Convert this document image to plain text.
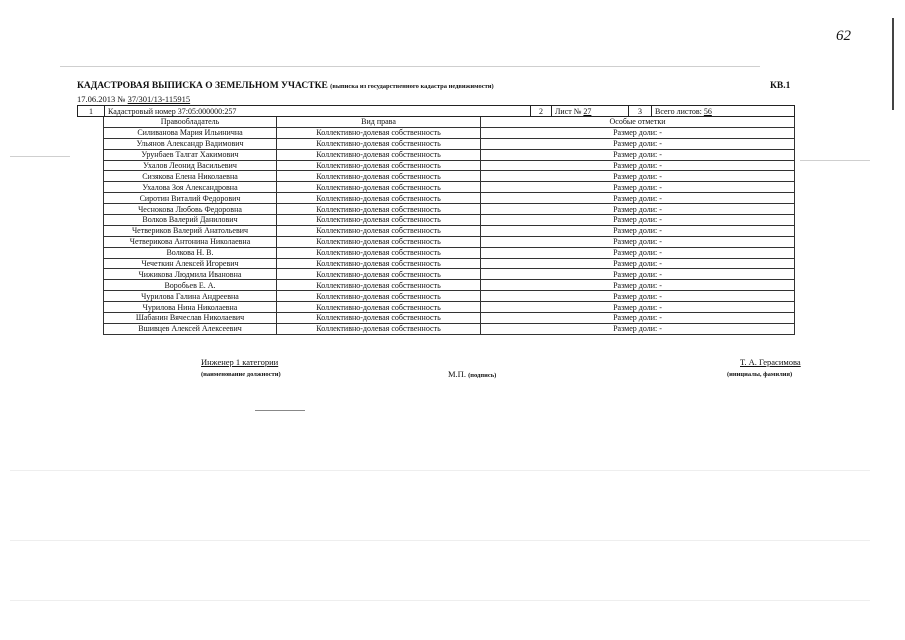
62
КАДАСТРОВАЯ ВЫПИСКА О ЗЕМЕЛЬНОМ УЧАСТКЕ (выписка из государственного кадастра недвижимости)	КВ.1
17.06.2013 № 37/301/13-115915
1	Кадастровый номер 37:05:000000:257	2	Лист № 27	3	Всего листов: 56
Правообладатель	Вид права	Особые отметки
Силиванова Мария Ильинична	Коллективно-долевая собственность	Размер доли: -
Ульянов Александр Вадимович	Коллективно-долевая собственность	Размер доли: -
Урунбаев Талгат Хакимович	Коллективно-долевая собственность	Размер доли: -
Ухалов Леонид Васильевич	Коллективно-долевая собственность	Размер доли: -
Сизякова Елена Николаевна	Коллективно-долевая собственность	Размер доли: -
Ухалова Зоя Александровна	Коллективно-долевая собственность	Размер доли: -
Сиротин Виталий Федорович	Коллективно-долевая собственность	Размер доли: -
Чеснокова Любовь Федоровна	Коллективно-долевая собственность	Размер доли: -
Волков Валерий Данилович	Коллективно-долевая собственность	Размер доли: -
Четвериков Валерий Анатольевич	Коллективно-долевая собственность	Размер доли: -
Четверикова Антонина Николаевна	Коллективно-долевая собственность	Размер доли: -
Волкова Н. В.	Коллективно-долевая собственность	Размер доли: -
Чечеткин Алексей Игоревич	Коллективно-долевая собственность	Размер доли: -
Чижикова Людмила Ивановна	Коллективно-долевая собственность	Размер доли: -
Воробьев Е. А.	Коллективно-долевая собственность	Размер доли: -
Чурилова Галина Андреевна	Коллективно-долевая собственность	Размер доли: -
Чурилова Нина Николаевна	Коллективно-долевая собственность	Размер доли: -
Шабанин Вячеслав Николаевич	Коллективно-долевая собственность	Размер доли: -
Вшивцев Алексей Алексеевич	Коллективно-долевая собственность	Размер доли: -
Инженер 1 категории
(наименование должности)	М.П. (подпись)
Т. А. Герасимова
(инициалы, фамилия)
